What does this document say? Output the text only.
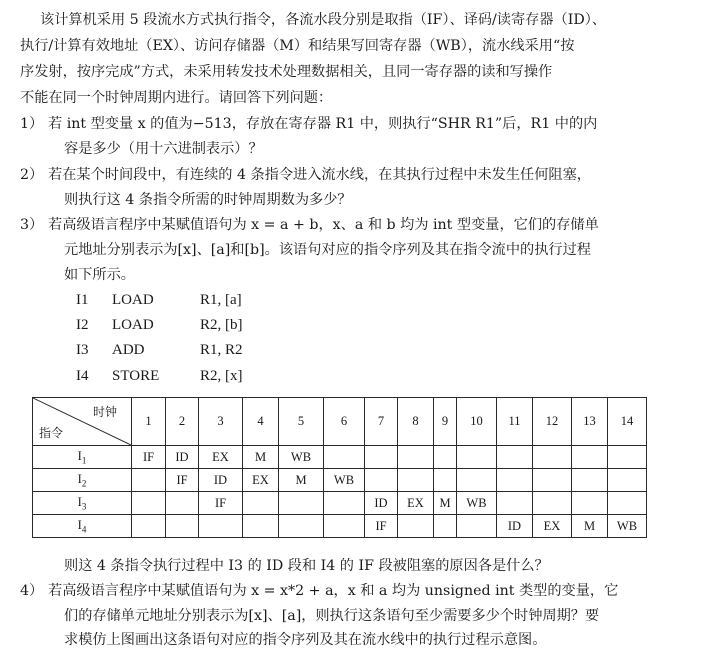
该计算机采用 5 段流水方式执行指令，各流水段分别是取指（IF）、译码/读寄存器（ID）、
执行/计算有效地址（EX）、访问存储器（M）和结果写回寄存器（WB），流水线采用“按
序发射，按序完成”方式，未采用转发技术处理数据相关，且同一寄存器的读和写操作
不能在同一个时钟周期内进行。请回答下列问题：
1） 若 int 型变量 x 的值为−513，存放在寄存器 R1 中，则执行“SHR R1”后，R1 中的内
容是多少（用十六进制表示）？
2） 若在某个时间段中，有连续的 4 条指令进入流水线，在其执行过程中未发生任何阻塞，
则执行这 4 条指令所需的时钟周期数为多少？
3） 若高级语言程序中某赋值语句为 x = a + b，x、a 和 b 均为 int 型变量，它们的存储单
元地址分别表示为[x]、[a]和[b]。该语句对应的指令序列及其在指令流中的执行过程
如下所示。
I1 LOAD	R1, [a]
I2 LOAD	R2, [b]
I3 ADD	R1, R2
I4 STORE	R2, [x]
时钟
指令	1	2	3	4	5	6	7	8	9	10	11	12	13	14
$I_1$	IF	ID	EX	M	WB									
$I_2$		IF	ID	EX	M	WB								
$I_3$			IF				ID	EX	M	WB				
$I_4$							IF				ID	EX	M	WB
则这 4 条指令执行过程中 I3 的 ID 段和 I4 的 IF 段被阻塞的原因各是什么？
4） 若高级语言程序中某赋值语句为 x = x*2 + a，x 和 a 均为 unsigned int 类型的变量，它
们的存储单元地址分别表示为[x]、[a]，则执行这条语句至少需要多少个时钟周期？要
求模仿上图画出这条语句对应的指令序列及其在流水线中的执行过程示意图。
